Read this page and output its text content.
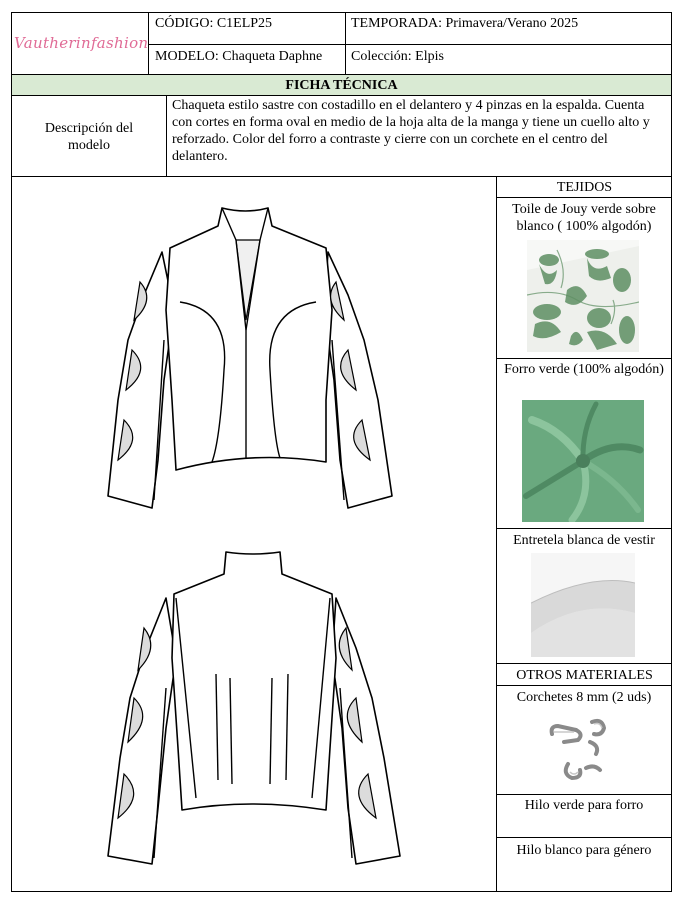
Vautherinfashion
CÓDIGO: C1ELP25	TEMPORADA: Primavera/Verano 2025
MODELO: Chaqueta Daphne Colección: Elpis
FICHA TÉCNICA
Descripción del modelo
Chaqueta estilo sastre con costadillo en el delantero y 4 pinzas en la espalda. Cuenta con cortes en forma oval en medio de la hoja alta de la manga y tiene un cuello alto y reforzado. Color del forro a contraste y cierre con un corchete en el centro del delantero.
TEJIDOS
Toile de Jouy verde sobre blanco ( 100% algodón)
Forro verde (100% algodón)
Entretela blanca de vestir
OTROS MATERIALES
Corchetes 8 mm (2 uds)
Hilo verde para forro
Hilo blanco para género
